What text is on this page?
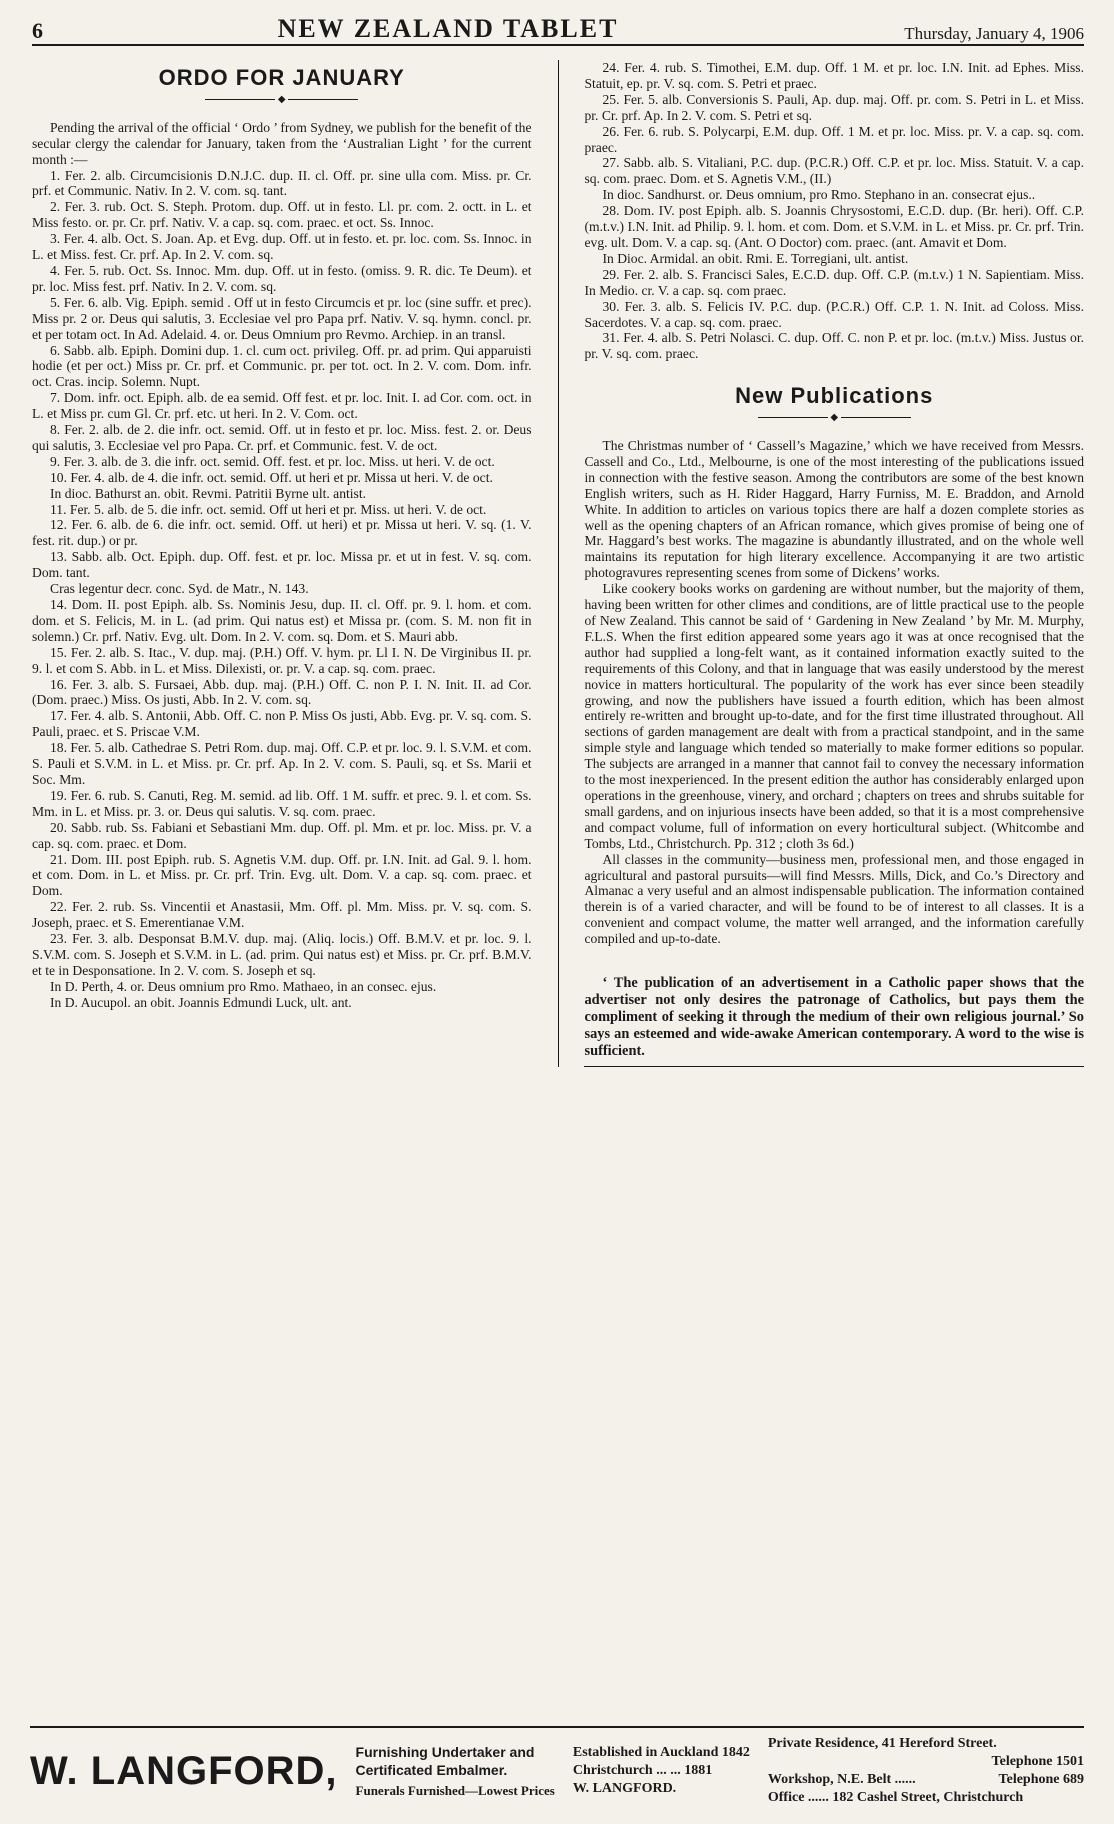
6	NEW ZEALAND TABLET	Thursday, January 4, 1906
ORDO FOR JANUARY
◆

Pending the arrival of the official ‘ Ordo ’ from Sydney, we publish for the benefit of the secular clergy the calendar for January, taken from the ‘Australian Light ’ for the current month :—

1. Fer. 2. alb. Circumcisionis D.N.J.C. dup. II. cl. Off. pr. sine ulla com. Miss. pr. Cr. prf. et Communic. Nativ. In 2. V. com. sq. tant.

2. Fer. 3. rub. Oct. S. Steph. Protom. dup. Off. ut in festo. Ll. pr. com. 2. octt. in L. et Miss festo. or. pr. Cr. prf. Nativ. V. a cap. sq. com. praec. et oct. Ss. Innoc.

3. Fer. 4. alb. Oct. S. Joan. Ap. et Evg. dup. Off. ut in festo. et. pr. loc. com. Ss. Innoc. in L. et Miss. fest. Cr. prf. Ap. In 2. V. com. sq.

4. Fer. 5. rub. Oct. Ss. Innoc. Mm. dup. Off. ut in festo. (omiss. 9. R. dic. Te Deum). et pr. loc. Miss fest. prf. Nativ. In 2. V. com. sq.

5. Fer. 6. alb. Vig. Epiph. semid . Off ut in festo Circumcis et pr. loc (sine suffr. et prec). Miss pr. 2 or. Deus qui salutis, 3. Ecclesiae vel pro Papa prf. Nativ. V. sq. hymn. concl. pr. et per totam oct. In Ad. Adelaid. 4. or. Deus Omnium pro Revmo. Archiep. in an transl.

6. Sabb. alb. Epiph. Domini dup. 1. cl. cum oct. privileg. Off. pr. ad prim. Qui apparuisti hodie (et per oct.) Miss pr. Cr. prf. et Communic. pr. per tot. oct. In 2. V. com. Dom. infr. oct. Cras. incip. Solemn. Nupt.

7. Dom. infr. oct. Epiph. alb. de ea semid. Off fest. et pr. loc. Init. I. ad Cor. com. oct. in L. et Miss pr. cum Gl. Cr. prf. etc. ut heri. In 2. V. Com. oct.

8. Fer. 2. alb. de 2. die infr. oct. semid. Off. ut in festo et pr. loc. Miss. fest. 2. or. Deus qui salutis, 3. Ecclesiae vel pro Papa. Cr. prf. et Communic. fest. V. de oct.

9. Fer. 3. alb. de 3. die infr. oct. semid. Off. fest. et pr. loc. Miss. ut heri. V. de oct.

10. Fer. 4. alb. de 4. die infr. oct. semid. Off. ut heri et pr. Missa ut heri. V. de oct.

In dioc. Bathurst an. obit. Revmi. Patritii Byrne ult. antist.

11. Fer. 5. alb. de 5. die infr. oct. semid. Off ut heri et pr. Miss. ut heri. V. de oct.

12. Fer. 6. alb. de 6. die infr. oct. semid. Off. ut heri) et pr. Missa ut heri. V. sq. (1. V. fest. rit. dup.) or pr.

13. Sabb. alb. Oct. Epiph. dup. Off. fest. et pr. loc. Missa pr. et ut in fest. V. sq. com. Dom. tant.

Cras legentur decr. conc. Syd. de Matr., N. 143.

14. Dom. II. post Epiph. alb. Ss. Nominis Jesu, dup. II. cl. Off. pr. 9. l. hom. et com. dom. et S. Felicis, M. in L. (ad prim. Qui natus est) et Missa pr. (com. S. M. non fit in solemn.) Cr. prf. Nativ. Evg. ult. Dom. In 2. V. com. sq. Dom. et S. Mauri abb.

15. Fer. 2. alb. S. Itac., V. dup. maj. (P.H.) Off. V. hym. pr. Ll I. N. De Virginibus II. pr. 9. l. et com S. Abb. in L. et Miss. Dilexisti, or. pr. V. a cap. sq. com. praec.

16. Fer. 3. alb. S. Fursaei, Abb. dup. maj. (P.H.) Off. C. non P. I. N. Init. II. ad Cor. (Dom. praec.) Miss. Os justi, Abb. In 2. V. com. sq.

17. Fer. 4. alb. S. Antonii, Abb. Off. C. non P. Miss Os justi, Abb. Evg. pr. V. sq. com. S. Pauli, praec. et S. Priscae V.M.

18. Fer. 5. alb. Cathedrae S. Petri Rom. dup. maj. Off. C.P. et pr. loc. 9. l. S.V.M. et com. S. Pauli et S.V.M. in L. et Miss. pr. Cr. prf. Ap. In 2. V. com. S. Pauli, sq. et Ss. Marii et Soc. Mm.

19. Fer. 6. rub. S. Canuti, Reg. M. semid. ad lib. Off. 1 M. suffr. et prec. 9. l. et com. Ss. Mm. in L. et Miss. pr. 3. or. Deus qui salutis. V. sq. com. praec.

20. Sabb. rub. Ss. Fabiani et Sebastiani Mm. dup. Off. pl. Mm. et pr. loc. Miss. pr. V. a cap. sq. com. praec. et Dom.

21. Dom. III. post Epiph. rub. S. Agnetis V.M. dup. Off. pr. I.N. Init. ad Gal. 9. l. hom. et com. Dom. in L. et Miss. pr. Cr. prf. Trin. Evg. ult. Dom. V. a cap. sq. com. praec. et Dom.

22. Fer. 2. rub. Ss. Vincentii et Anastasii, Mm. Off. pl. Mm. Miss. pr. V. sq. com. S. Joseph, praec. et S. Emerentianae V.M.

23. Fer. 3. alb. Desponsat B.M.V. dup. maj. (Aliq. locis.) Off. B.M.V. et pr. loc. 9. l. S.V.M. com. S. Joseph et S.V.M. in L. (ad. prim. Qui natus est) et Miss. pr. Cr. prf. B.M.V. et te in Desponsatione. In 2. V. com. S. Joseph et sq.

In D. Perth, 4. or. Deus omnium pro Rmo. Mathaeo, in an consec. ejus.

In D. Aucupol. an obit. Joannis Edmundi Luck, ult. ant.

24. Fer. 4. rub. S. Timothei, E.M. dup. Off. 1 M. et pr. loc. I.N. Init. ad Ephes. Miss. Statuit, ep. pr. V. sq. com. S. Petri et praec.

25. Fer. 5. alb. Conversionis S. Pauli, Ap. dup. maj. Off. pr. com. S. Petri in L. et Miss. pr. Cr. prf. Ap. In 2. V. com. S. Petri et sq.

26. Fer. 6. rub. S. Polycarpi, E.M. dup. Off. 1 M. et pr. loc. Miss. pr. V. a cap. sq. com. praec.

27. Sabb. alb. S. Vitaliani, P.C. dup. (P.C.R.) Off. C.P. et pr. loc. Miss. Statuit. V. a cap. sq. com. praec. Dom. et S. Agnetis V.M., (II.)

In dioc. Sandhurst. or. Deus omnium, pro Rmo. Stephano in an. consecrat ejus..

28. Dom. IV. post Epiph. alb. S. Joannis Chrysostomi, E.C.D. dup. (Br. heri). Off. C.P. (m.t.v.) I.N. Init. ad Philip. 9. l. hom. et com. Dom. et S.V.M. in L. et Miss. pr. Cr. prf. Trin. evg. ult. Dom. V. a cap. sq. (Ant. O Doctor) com. praec. (ant. Amavit et Dom.

In Dioc. Armidal. an obit. Rmi. E. Torregiani, ult. antist.

29. Fer. 2. alb. S. Francisci Sales, E.C.D. dup. Off. C.P. (m.t.v.) 1 N. Sapientiam. Miss. In Medio. cr. V. a cap. sq. com praec.

30. Fer. 3. alb. S. Felicis IV. P.C. dup. (P.C.R.) Off. C.P. 1. N. Init. ad Coloss. Miss. Sacerdotes. V. a cap. sq. com. praec.

31. Fer. 4. alb. S. Petri Nolasci. C. dup. Off. C. non P. et pr. loc. (m.t.v.) Miss. Justus or. pr. V. sq. com. praec.

New Publications
◆

The Christmas number of ‘ Cassell’s Magazine,’ which we have received from Messrs. Cassell and Co., Ltd., Melbourne, is one of the most interesting of the publications issued in connection with the festive season. Among the contributors are some of the best known English writers, such as H. Rider Haggard, Harry Furniss, M. E. Braddon, and Arnold White. In addition to articles on various topics there are half a dozen complete stories as well as the opening chapters of an African romance, which gives promise of being one of Mr. Haggard’s best works. The magazine is abundantly illustrated, and on the whole well maintains its reputation for high literary excellence. Accompanying it are two artistic photogravures representing scenes from some of Dickens’ works.

Like cookery books works on gardening are without number, but the majority of them, having been written for other climes and conditions, are of little practical use to the people of New Zealand. This cannot be said of ‘ Gardening in New Zealand ’ by Mr. M. Murphy, F.L.S. When the first edition appeared some years ago it was at once recognised that the author had supplied a long-felt want, as it contained information exactly suited to the requirements of this Colony, and that in language that was easily understood by the merest novice in matters horticultural. The popularity of the work has ever since been steadily growing, and now the publishers have issued a fourth edition, which has been almost entirely re-written and brought up-to-date, and for the first time illustrated throughout. All sections of garden management are dealt with from a practical standpoint, and in the same simple style and language which tended so materially to make former editions so popular. The subjects are arranged in a manner that cannot fail to convey the necessary information to the most inexperienced. In the present edition the author has considerably enlarged upon operations in the greenhouse, vinery, and orchard ; chapters on trees and shrubs suitable for small gardens, and on injurious insects have been added, so that it is a most comprehensive and compact volume, full of information on every horticultural subject. (Whitcombe and Tombs, Ltd., Christchurch. Pp. 312 ; cloth 3s 6d.)

All classes in the community—business men, professional men, and those engaged in agricultural and pastoral pursuits—will find Messrs. Mills, Dick, and Co.’s Directory and Almanac a very useful and an almost indispensable publication. The information contained therein is of a varied character, and will be found to be of interest to all classes. It is a convenient and compact volume, the matter well arranged, and the information carefully compiled and up-to-date.

‘ The publication of an advertisement in a Catholic paper shows that the advertiser not only desires the patronage of Catholics, but pays them the compliment of seeking it through the medium of their own religious journal.’ So says an esteemed and wide-awake American contemporary. A word to the wise is sufficient.

W. LANGFORD, Furnishing Undertaker and
Certificated Embalmer.
Funerals Furnished—Lowest Prices
Established in Auckland 1842
Christchurch ... ... 1881
W. LANGFORD.
Private Residence, 41 Hereford Street.
Telephone 1501
Workshop, N.E. Belt ......	Telephone 689
Office ...... 182 Cashel Street, Christchurch
